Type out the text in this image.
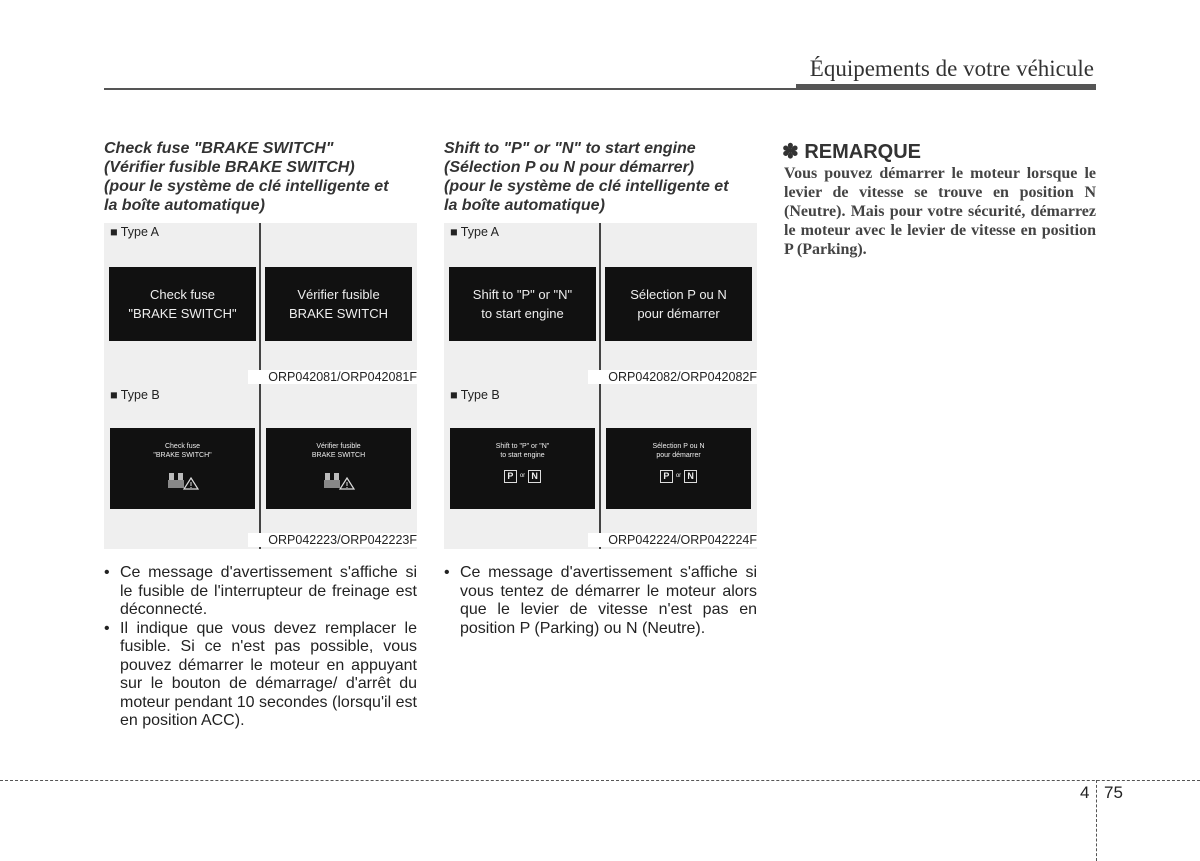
Équipements de votre véhicule
Check fuse "BRAKE SWITCH"
(Vérifier fusible BRAKE SWITCH)
(pour le système de clé intelligente et
la boîte automatique)
■ Type A
Check fuse
"BRAKE SWITCH"
Vérifier fusible
BRAKE SWITCH
ORP042081/ORP042081F
■ Type B
Check fuse
"BRAKE SWITCH"
Vérifier fusible
BRAKE SWITCH
ORP042223/ORP042223F
• Ce message d'avertissement s'affiche si le fusible de l'interrupteur de freinage est déconnecté.
• Il indique que vous devez remplacer le fusible. Si ce n'est pas possible, vous pouvez démarrer le moteur en appuyant sur le bouton de démarrage/ d'arrêt du moteur pendant 10 secondes (lorsqu'il est en position ACC).
Shift to "P" or "N" to start engine
(Sélection P ou N pour démarrer)
(pour le système de clé intelligente et
la boîte automatique)
■ Type A
Shift to "P" or "N"
to start engine
Sélection P ou N
pour démarrer
ORP042082/ORP042082F
■ Type B
Shift to "P" or "N"
to start engine
P	or N
Sélection P ou N
pour démarrer
P	or N
ORP042224/ORP042224F
• Ce message d'avertissement s'affiche si vous tentez de démarrer le moteur alors que le levier de vitesse n'est pas en position P (Parking) ou N (Neutre).
✽ REMARQUE
Vous pouvez démarrer le moteur lorsque le levier de vitesse se trouve en position N (Neutre). Mais pour votre sécurité, démarrez le moteur avec le levier de vitesse en position P (Parking).
4 75
